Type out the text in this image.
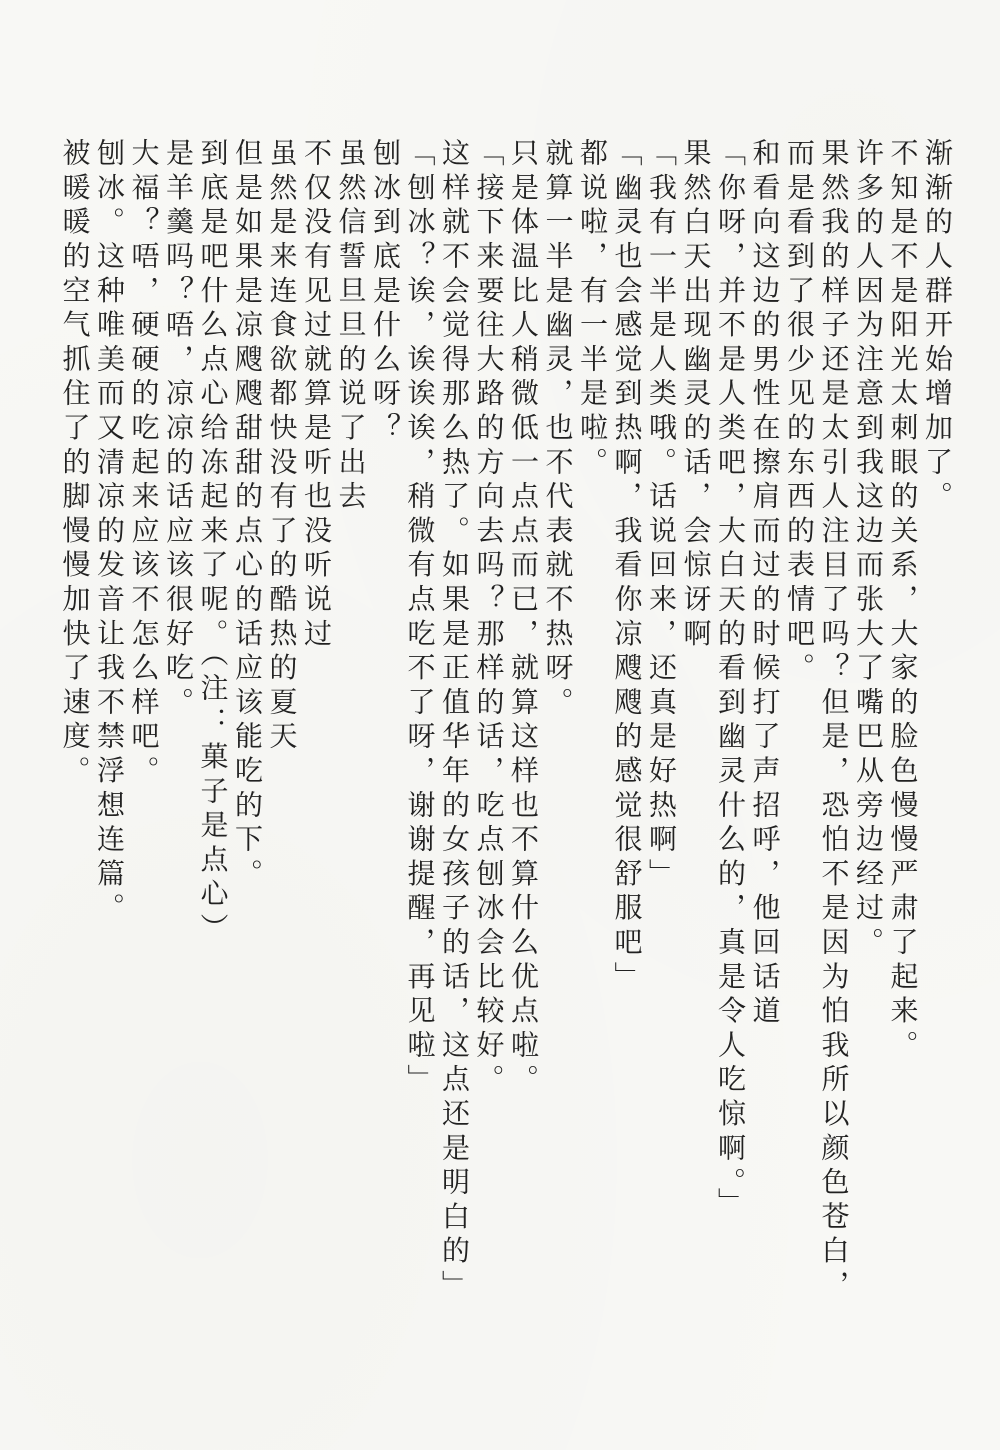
渐渐的人群开始增加了。

不知是不是阳光太刺眼的关系，大家的脸色慢慢严肃了起来。

许多的人因为注意到我这边而张大了嘴巴从旁边经过。

果然我的样子还是太引人注目了吗？但是，恐怕不是因为怕我所以颜色苍白，

而是看到了很少见的东西的表情吧。

和看向这边的男性在擦肩而过的时候打了声招呼，他回话道

「你呀，并不是人类吧，大白天的看到幽灵什么的，真是令人吃惊啊。」

果然白天出现幽灵的话，会惊讶啊

「我有一半是人类哦。话说回来，还真是好热啊」

「幽灵也会感觉到热啊，我看你凉飕飕的感觉很舒服吧」

都说啦，有一半是啦。

就算一半是幽灵，也不代表就不热呀。

只是体温比人稍微低一点点而已，就算这样也不算什么优点啦。

「接下来要往大路的方向去吗？那样的话，吃点刨冰会比较好。

这样就不会觉得那么热了。如果是正值华年的女孩子的话，这点还是明白的」

「刨冰？诶，诶诶诶，稍微有点吃不了呀，谢谢提醒，再见啦」

刨冰到底是什么呀？

虽然信誓旦旦的说了出去

不仅没有见过就算是听也没听说过

虽然是来连食欲都快没有了的酷热的夏天

但是如果是凉飕飕甜甜的点心的话应该能吃的下。

到底是吧什么点心给冻起来了呢。（注：菓子是点心）

是羊羹吗？唔，凉凉的话应该很好吃。

大福？唔，硬硬的吃起来应该不怎么样吧。

刨冰。这种唯美而又清凉的发音让我不禁浮想连篇。

被暖暖的空气抓住了的脚慢慢加快了速度。
